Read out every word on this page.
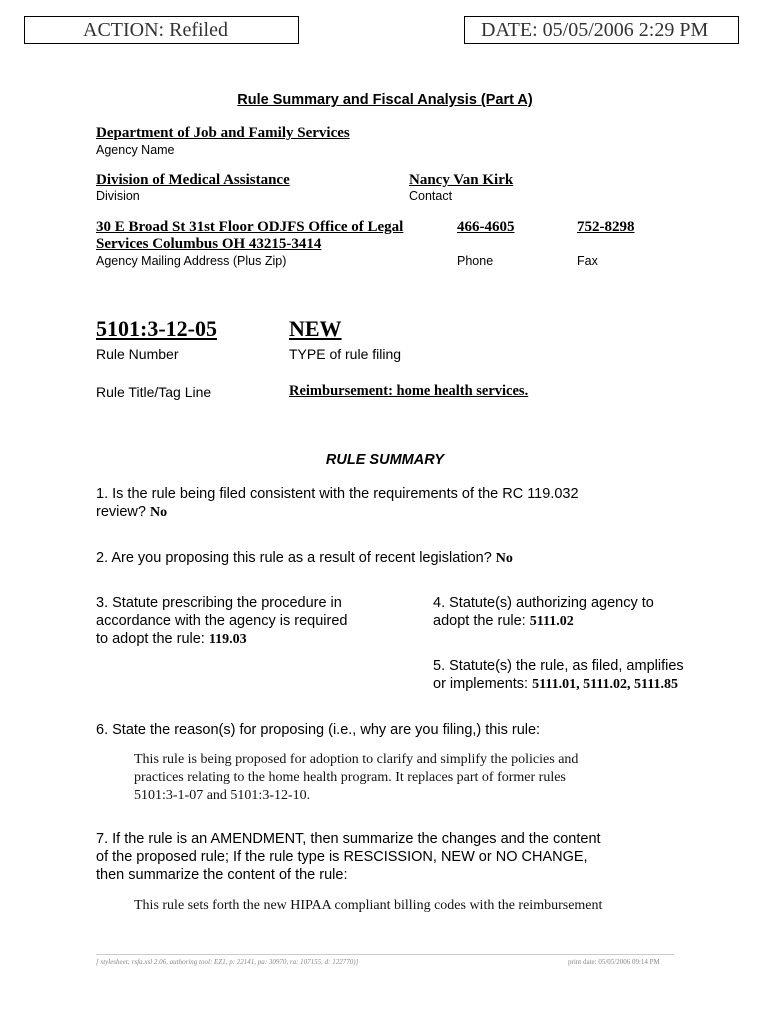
ACTION: Refiled	DATE: 05/05/2006 2:29 PM
Rule Summary and Fiscal Analysis (Part A)
Department of Job and Family Services
Agency Name
Division of Medical Assistance
Division
Nancy Van Kirk
Contact
30 E Broad St 31st Floor ODJFS Office of Legal
Services Columbus OH 43215-3414
Agency Mailing Address (Plus Zip)
466-4605
Phone
752-8298
Fax
5101:3-12-05
Rule Number
NEW
TYPE of rule filing
Rule Title/Tag Line	Reimbursement: home health services.
RULE SUMMARY
1. Is the rule being filed consistent with the requirements of the RC 119.032
review? No
2. Are you proposing this rule as a result of recent legislation? No
3. Statute prescribing the procedure in
accordance with the agency is required
to adopt the rule: 119.03
4. Statute(s) authorizing agency to
adopt the rule: 5111.02
5. Statute(s) the rule, as filed, amplifies
or implements: 5111.01, 5111.02, 5111.85
6. State the reason(s) for proposing (i.e., why are you filing,) this rule:
This rule is being proposed for adoption to clarify and simplify the policies and
practices relating to the home health program. It replaces part of former rules
5101:3-1-07 and 5101:3-12-10.
7. If the rule is an AMENDMENT, then summarize the changes and the content
of the proposed rule; If the rule type is RESCISSION, NEW or NO CHANGE,
then summarize the content of the rule:
This rule sets forth the new HIPAA compliant billing codes with the reimbursement
[ stylesheet: rsfa.xsl 2.06, authoring tool: EZ1, p: 22141, pa: 30970, ra: 107155, d: 122770)]	print date: 05/05/2006 09:14 PM
